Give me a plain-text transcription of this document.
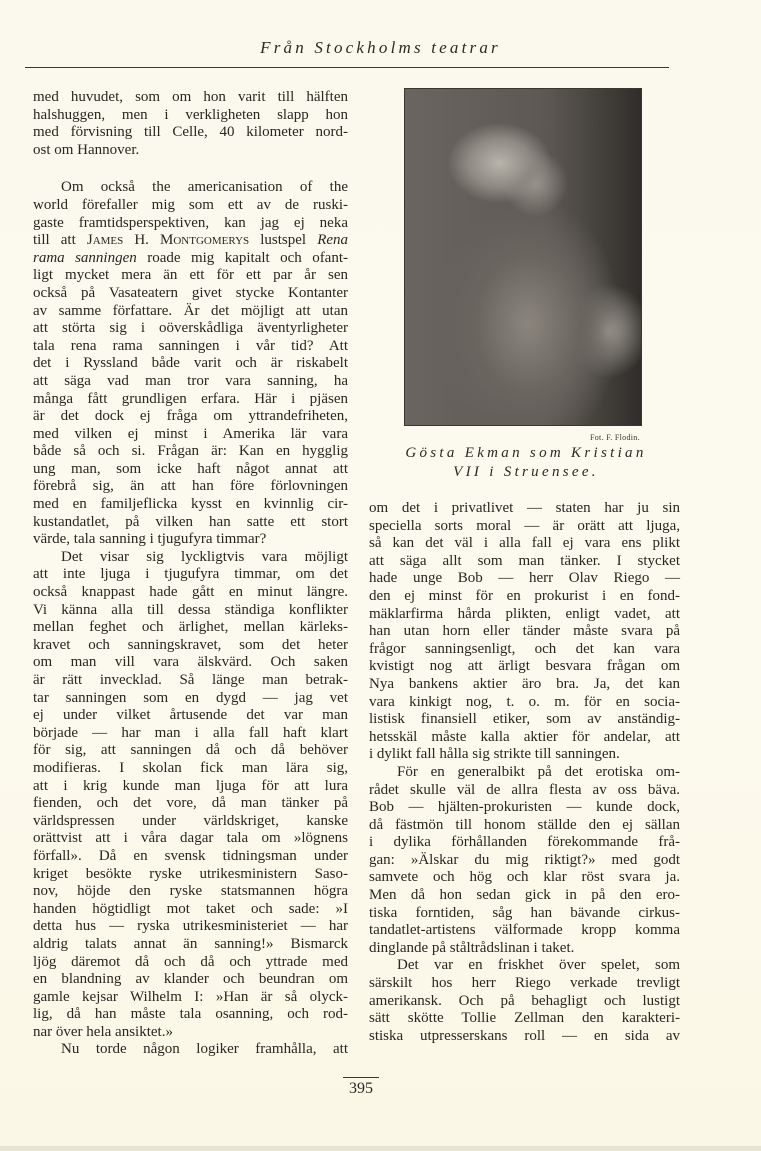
Från Stockholms teatrar
med huvudet, som om hon varit till hälften
halshuggen, men i verkligheten slapp hon
med förvisning till Celle, 40 kilometer nord-
ost om Hannover.
Om också the americanisation of the
world förefaller mig som ett av de ruski-
gaste framtidsperspektiven, kan jag ej neka
till att James H. Montgomerys lustspel Rena
rama sanningen roade mig kapitalt och ofant-
ligt mycket mera än ett för ett par år sen
också på Vasateatern givet stycke Kontanter
av samme författare. Är det möjligt att utan
att störta sig i oöverskådliga äventyrligheter
tala rena rama sanningen i vår tid? Att
det i Ryssland både varit och är riskabelt
att säga vad man tror vara sanning, ha
många fått grundligen erfara. Här i pjäsen
är det dock ej fråga om yttrandefriheten,
med vilken ej minst i Amerika lär vara
både så och si. Frågan är: Kan en hygglig
ung man, som icke haft något annat att
förebrå sig, än att han före förlovningen
med en familjeflicka kysst en kvinnlig cir-
kustandatlet, på vilken han satte ett stort
värde, tala sanning i tjugufyra timmar?
Det visar sig lyckligtvis vara möjligt
att inte ljuga i tjugufyra timmar, om det
också knappast hade gått en minut längre.
Vi känna alla till dessa ständiga konflikter
mellan feghet och ärlighet, mellan kärleks-
kravet och sanningskravet, som det heter
om man vill vara älskvärd. Och saken
är rätt invecklad. Så länge man betrak-
tar sanningen som en dygd — jag vet
ej under vilket årtusende det var man
började — har man i alla fall haft klart
för sig, att sanningen då och då behöver
modifieras. I skolan fick man lära sig,
att i krig kunde man ljuga för att lura
fienden, och det vore, då man tänker på
världspressen under världskriget, kanske
orättvist att i våra dagar tala om »lögnens
förfall». Då en svensk tidningsman under
kriget besökte ryske utrikesministern Saso-
nov, höjde den ryske statsmannen högra
handen högtidligt mot taket och sade: »I
detta hus — ryska utrikesministeriet — har
aldrig talats annat än sanning!» Bismarck
ljög däremot då och då och yttrade med
en blandning av klander och beundran om
gamle kejsar Wilhelm I: »Han är så olyck-
lig, då han måste tala osanning, och rod-
nar över hela ansiktet.»
Nu torde någon logiker framhålla, att
Fot. F. Flodin.
Gösta Ekman som Kristian
VII i Struensee.
om det i privatlivet — staten har ju sin
speciella sorts moral — är orätt att ljuga,
så kan det väl i alla fall ej vara ens plikt
att säga allt som man tänker. I stycket
hade unge Bob — herr Olav Riego —
den ej minst för en prokurist i en fond-
mäklarfirma hårda plikten, enligt vadet, att
han utan horn eller tänder måste svara på
frågor sanningsenligt, och det kan vara
kvistigt nog att ärligt besvara frågan om
Nya bankens aktier äro bra. Ja, det kan
vara kinkigt nog, t. o. m. för en socia-
listisk finansiell etiker, som av anständig-
hetsskäl måste kalla aktier för andelar, att
i dylikt fall hålla sig strikte till sanningen.
För en generalbikt på det erotiska om-
rådet skulle väl de allra flesta av oss bäva.
Bob — hjälten-prokuristen — kunde dock,
då fästmön till honom ställde den ej sällan
i dylika förhållanden förekommande frå-
gan: »Älskar du mig riktigt?» med godt
samvete och hög och klar röst svara ja.
Men då hon sedan gick in på den ero-
tiska forntiden, såg han bävande cirkus-
tandatlet-artistens välformade kropp komma
dinglande på ståltrådslinan i taket.
Det var en friskhet över spelet, som
särskilt hos herr Riego verkade trevligt
amerikansk. Och på behagligt och lustigt
sätt skötte Tollie Zellman den karakteri-
stiska utpresserskans roll — en sida av
395
